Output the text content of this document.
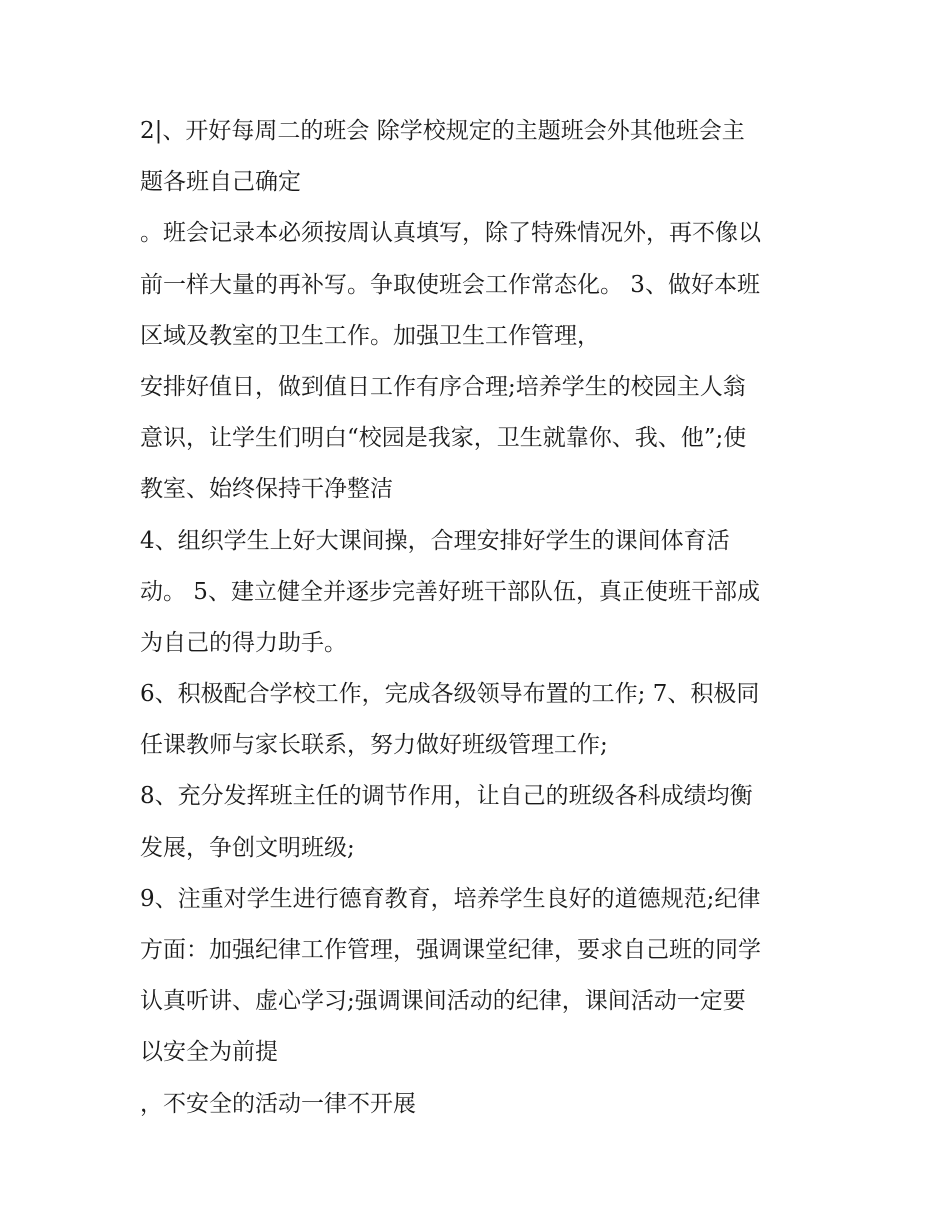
2|、开好每周二的班会 除学校规定的主题班会外其他班会主

题各班自己确定

。班会记录本必须按周认真填写，除了特殊情况外，再不像以

前一样大量的再补写。争取使班会工作常态化。 3、做好本班

区域及教室的卫生工作。加强卫生工作管理，

安排好值日，做到值日工作有序合理;培养学生的校园主人翁

意识，让学生们明白“校园是我家，卫生就靠你、我、他”;使

教室、始终保持干净整洁

4、组织学生上好大课间操，合理安排好学生的课间体育活

动。 5、建立健全并逐步完善好班干部队伍，真正使班干部成

为自己的得力助手。

6、积极配合学校工作，完成各级领导布置的工作; 7、积极同

任课教师与家长联系，努力做好班级管理工作;

8、充分发挥班主任的调节作用，让自己的班级各科成绩均衡

发展，争创文明班级;

9、注重对学生进行德育教育，培养学生良好的道德规范;纪律

方面：加强纪律工作管理，强调课堂纪律，要求自己班的同学

认真听讲、虚心学习;强调课间活动的纪律，课间活动一定要

以安全为前提

，不安全的活动一律不开展
